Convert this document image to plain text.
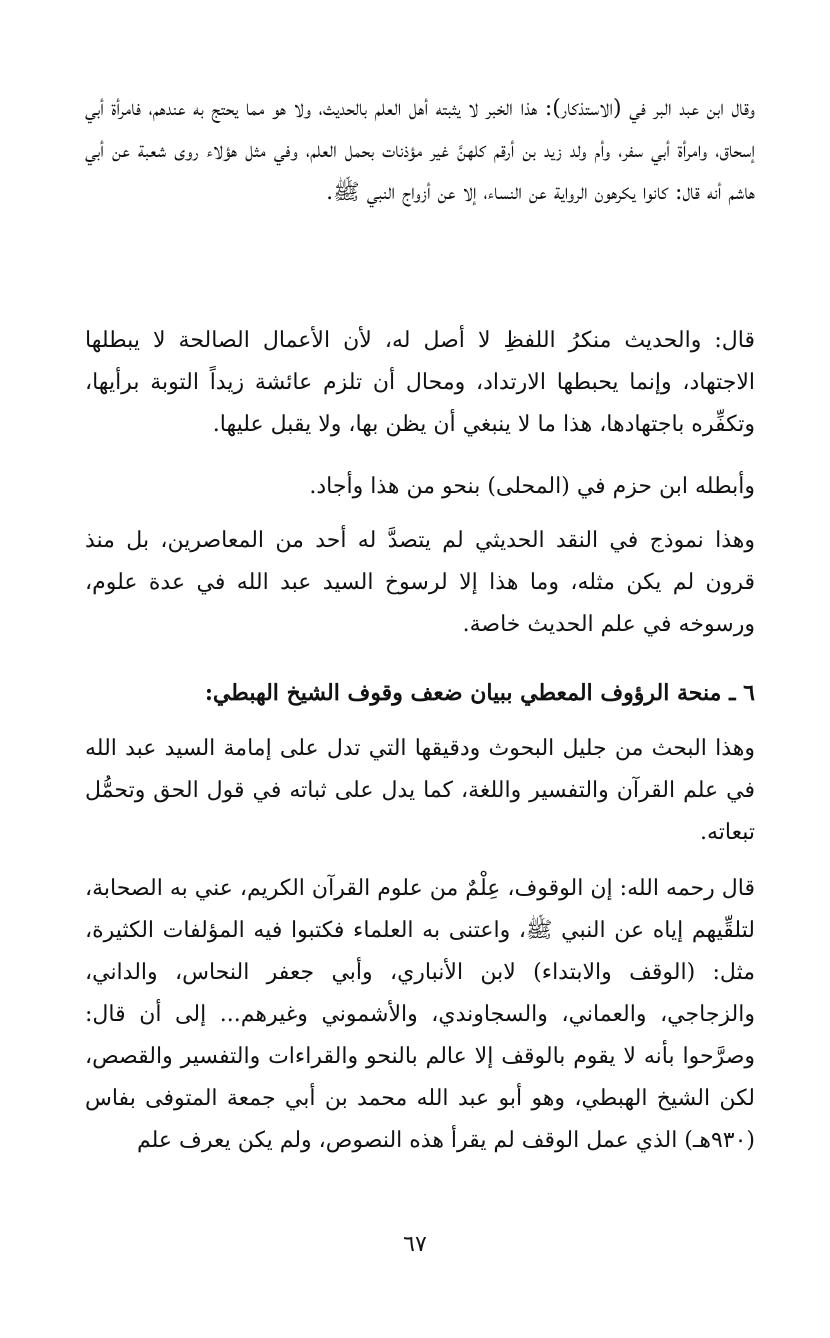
وقال ابن عبد البر في (الاستذكار): هذا الخبر لا يثبته أهل العلم بالحديث، ولا هو مما يحتج به عندهم، فامرأة أبي إسحاق، وامرأة أبي سفر، وأم ولد زيد بن أرقم كلهنَّ غير مؤذنات بحمل العلم، وفي مثل هؤلاء روى شعبة عن أبي هاشم أنه قال: كانوا يكرهون الرواية عن النساء، إلا عن أزواج النبي ﷺ.

قال: والحديث منكرُ اللفظِ لا أصل له، لأن الأعمال الصالحة لا يبطلها الاجتهاد، وإنما يحبطها الارتداد، ومحال أن تلزم عائشة زيداً التوبة برأيها، وتكفِّره باجتهادها، هذا ما لا ينبغي أن يظن بها، ولا يقبل عليها.

وأبطله ابن حزم في (المحلى) بنحو من هذا وأجاد.

وهذا نموذج في النقد الحديثي لم يتصدَّ له أحد من المعاصرين، بل منذ قرون لم يكن مثله، وما هذا إلا لرسوخ السيد عبد الله في عدة علوم، ورسوخه في علم الحديث خاصة.

٦ ـ منحة الرؤوف المعطي ببيان ضعف وقوف الشيخ الهبطي:

وهذا البحث من جليل البحوث ودقيقها التي تدل على إمامة السيد عبد الله في علم القرآن والتفسير واللغة، كما يدل على ثباته في قول الحق وتحمُّل تبعاته.

قال رحمه الله: إن الوقوف، عِلْمٌ من علوم القرآن الكريم، عني به الصحابة، لتلقِّيهم إياه عن النبي ﷺ، واعتنى به العلماء فكتبوا فيه المؤلفات الكثيرة، مثل: (الوقف والابتداء) لابن الأنباري، وأبي جعفر النحاس، والداني، والزجاجي، والعماني، والسجاوندي، والأشموني وغيرهم... إلى أن قال: وصرَّحوا بأنه لا يقوم بالوقف إلا عالم بالنحو والقراءات والتفسير والقصص، لكن الشيخ الهبطي، وهو أبو عبد الله محمد بن أبي جمعة المتوفى بفاس (٩٣٠هـ) الذي عمل الوقف لم يقرأ هذه النصوص، ولم يكن يعرف علم

٦٧
